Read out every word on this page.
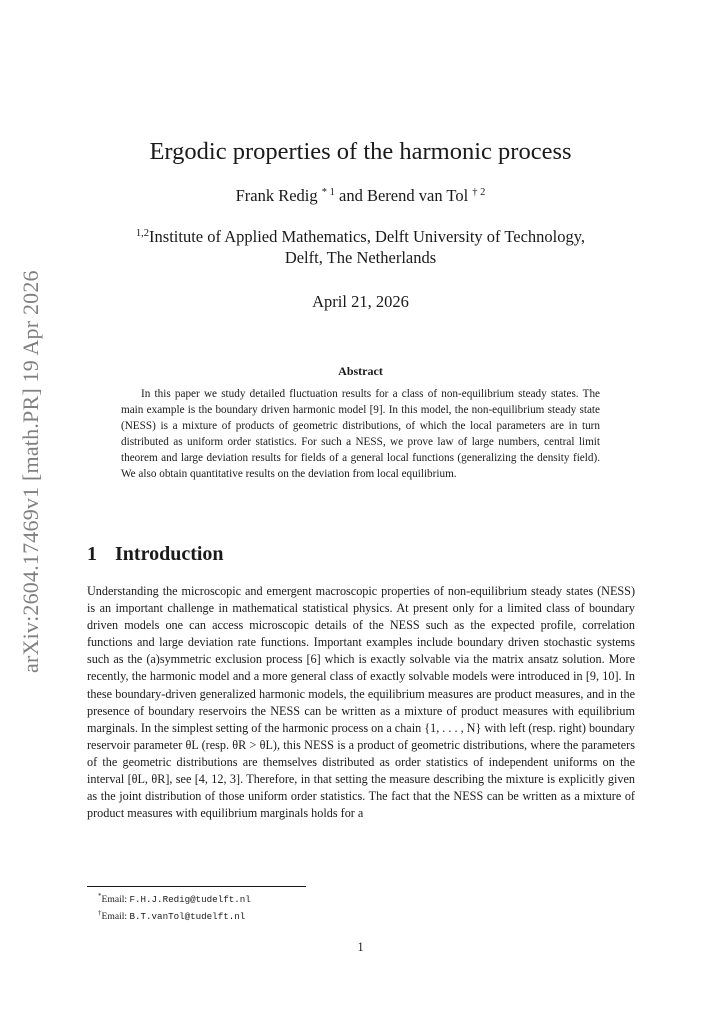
arXiv:2604.17469v1 [math.PR] 19 Apr 2026
Ergodic properties of the harmonic process
Frank Redig $^{* 1}$ and Berend van Tol $^{\dagger 2}$
$^{1,2}$Institute of Applied Mathematics, Delft University of Technology,
Delft, The Netherlands
April 21, 2026
Abstract
In this paper we study detailed fluctuation results for a class of non-equilibrium steady states. The main example is the boundary driven harmonic model [9]. In this model, the non-equilibrium steady state (NESS) is a mixture of products of geometric distributions, of which the local parameters are in turn distributed as uniform order statistics. For such a NESS, we prove law of large numbers, central limit theorem and large deviation results for fields of a general local functions (generalizing the density field). We also obtain quantitative results on the deviation from local equilibrium.
1 Introduction
Understanding the microscopic and emergent macroscopic properties of non-equilibrium steady states (NESS) is an important challenge in mathematical statistical physics. At present only for a limited class of boundary driven models one can access microscopic details of the NESS such as the expected profile, correlation functions and large deviation rate functions. Important examples include boundary driven stochastic systems such as the (a)symmetric exclusion process [6] which is exactly solvable via the matrix ansatz solution. More recently, the harmonic model and a more general class of exactly solvable models were introduced in [9, 10]. In these boundary-driven generalized harmonic models, the equilibrium measures are product measures, and in the presence of boundary reservoirs the NESS can be written as a mixture of product measures with equilibrium marginals. In the simplest setting of the harmonic process on a chain {1, . . . , N} with left (resp. right) boundary reservoir parameter θL (resp. θR > θL), this NESS is a product of geometric distributions, where the parameters of the geometric distributions are themselves distributed as order statistics of independent uniforms on the interval [θL, θR], see [4, 12, 3]. Therefore, in that setting the measure describing the mixture is explicitly given as the joint distribution of those uniform order statistics. The fact that the NESS can be written as a mixture of product measures with equilibrium marginals holds for a
*Email: F.H.J.Redig@tudelft.nl
†Email: B.T.vanTol@tudelft.nl
1
